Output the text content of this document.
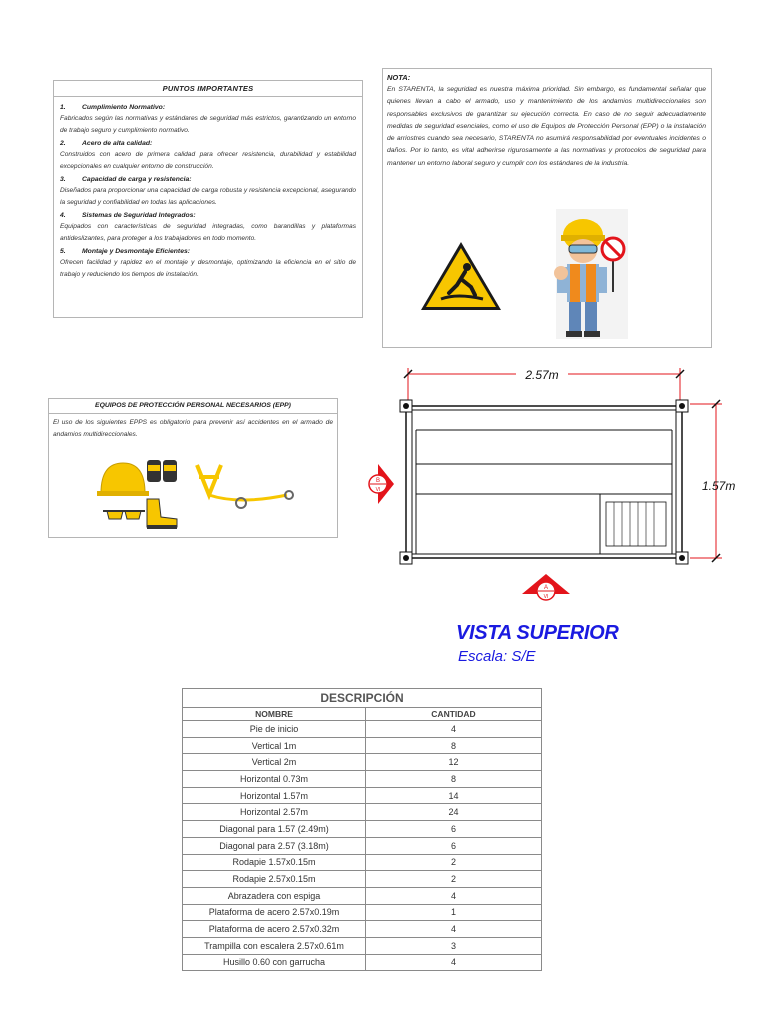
PUNTOS IMPORTANTES
1.	Cumplimiento Normativo:
Fabricados según las normativas y estándares de seguridad más estrictos, garantizando un entorno de trabajo seguro y cumplimiento normativo.
2.	Acero de alta calidad:
Construidos con acero de primera calidad para ofrecer resistencia, durabilidad y estabilidad excepcionales en cualquier entorno de construcción.
3.	Capacidad de carga y resistencia:
Diseñados para proporcionar una capacidad de carga robusta y resistencia excepcional, asegurando la seguridad y confiabilidad en todas las aplicaciones.
4.	Sistemas de Seguridad Integrados:
Equipados con características de seguridad integradas, como barandillas y plataformas antideslizantes, para proteger a los trabajadores en todo momento.
5.	Montaje y Desmontaje Eficientes:
Ofrecen facilidad y rapidez en el montaje y desmontaje, optimizando la eficiencia en el sitio de trabajo y reduciendo los tiempos de instalación.
NOTA:
En STARENTA, la seguridad es nuestra máxima prioridad. Sin embargo, es fundamental señalar que quienes llevan a cabo el armado, uso y mantenimiento de los andamios multidireccionales son responsables exclusivos de garantizar su ejecución correcta. En caso de no seguir adecuadamente medidas de seguridad esenciales, como el uso de Equipos de Protección Personal (EPP) o la instalación de arriostres cuando sea necesario, STARENTA no asumirá responsabilidad por eventuales incidentes o daños. Por lo tanto, es vital adherirse rigurosamente a las normativas y protocolos de seguridad para mantener un entorno laboral seguro y cumplir con los estándares de la industria.
EQUIPOS DE PROTECCIÓN PERSONAL NECESARIOS (EPP)
El uso de los siguientes EPPS es obligatorio para prevenir así accidentes en el armado de andamios multidireccionales.
2.57m
1.57m
B
VI
A
VI
VISTA SUPERIOR
Escala: S/E
DESCRIPCIÓN	
NOMBRE	CANTIDAD
Pie de inicio	4
Vertical 1m	8
Vertical 2m	12
Horizontal 0.73m	8
Horizontal 1.57m	14
Horizontal 2.57m	24
Diagonal para 1.57 (2.49m)	6
Diagonal para 2.57 (3.18m)	6
Rodapie 1.57x0.15m	2
Rodapie 2.57x0.15m	2
Abrazadera con espiga	4
Plataforma de acero 2.57x0.19m	1
Plataforma de acero 2.57x0.32m	4
Trampilla con escalera 2.57x0.61m	3
Husillo 0.60 con garrucha	4
